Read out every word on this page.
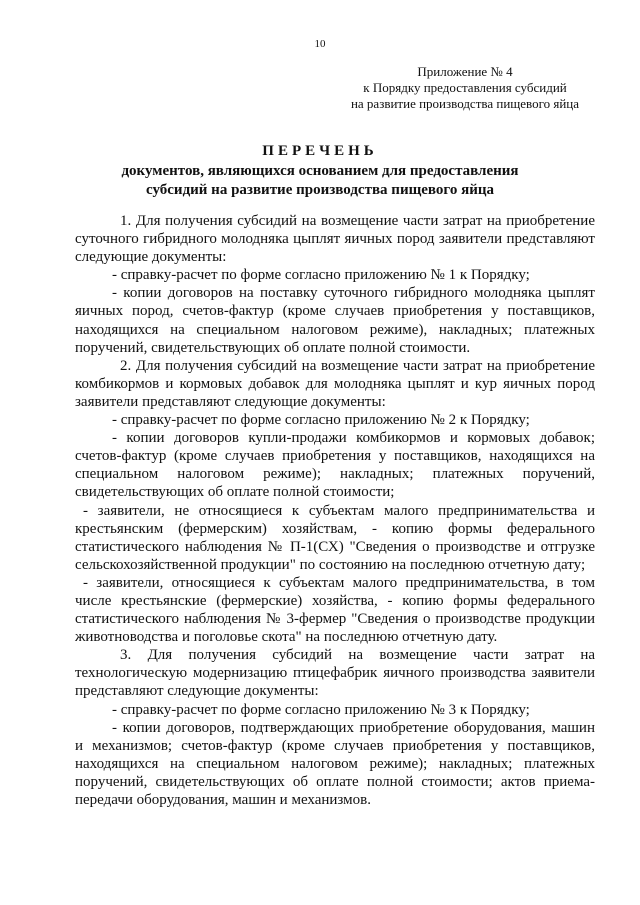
10
Приложение № 4
к Порядку предоставления субсидий
на развитие производства пищевого яйца
ПЕРЕЧЕНЬ
документов, являющихся основанием для предоставления
субсидий на развитие производства пищевого яйца

1. Для получения субсидий на возмещение части затрат на приобретение суточного гибридного молодняка цыплят яичных пород заявители представляют следующие документы:

- справку-расчет по форме согласно приложению № 1 к Порядку;

- копии договоров на поставку суточного гибридного молодняка цыплят яичных пород, счетов-фактур (кроме случаев приобретения у поставщиков, находящихся на специальном налоговом режиме), накладных; платежных поручений, свидетельствующих об оплате полной стоимости.

2. Для получения субсидий на возмещение части затрат на приобретение комбикормов и кормовых добавок для молодняка цыплят и кур яичных пород заявители представляют следующие документы:

- справку-расчет по форме согласно приложению № 2 к Порядку;

- копии договоров купли-продажи комбикормов и кормовых добавок; счетов-фактур (кроме случаев приобретения у поставщиков, находящихся на специальном налоговом режиме); накладных; платежных поручений, свидетельствующих об оплате полной стоимости;

- заявители, не относящиеся к субъектам малого предпринимательства и крестьянским (фермерским) хозяйствам, - копию формы федерального статистического наблюдения № П-1(СХ) "Сведения о производстве и отгрузке сельскохозяйственной продукции" по состоянию на последнюю отчетную дату;

- заявители, относящиеся к субъектам малого предпринимательства, в том числе крестьянские (фермерские) хозяйства, - копию формы федерального статистического наблюдения № 3-фермер "Сведения о производстве продукции животноводства и поголовье скота" на последнюю отчетную дату.

3. Для получения субсидий на возмещение части затрат на технологическую модернизацию птицефабрик яичного производства заявители представляют следующие документы:

- справку-расчет по форме согласно приложению № 3 к Порядку;

- копии договоров, подтверждающих приобретение оборудования, машин и механизмов; счетов-фактур (кроме случаев приобретения у поставщиков, находящихся на специальном налоговом режиме); накладных; платежных поручений, свидетельствующих об оплате полной стоимости; актов приема-передачи оборудования, машин и механизмов.
